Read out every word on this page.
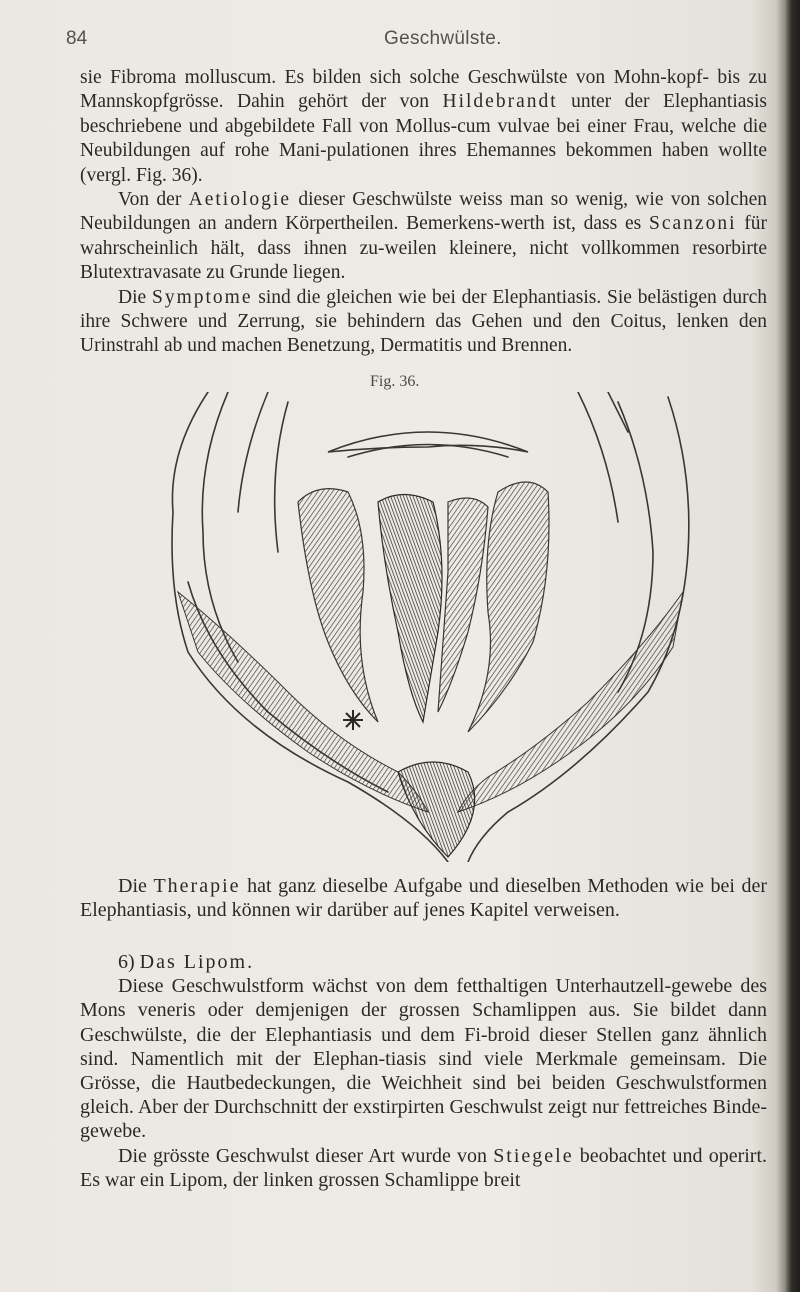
84	Geschwülste.

sie Fibroma molluscum. Es bilden sich solche Geschwülste von Mohn-kopf- bis zu Mannskopfgrösse. Dahin gehört der von Hildebrandt unter der Elephantiasis beschriebene und abgebildete Fall von Mollus-cum vulvae bei einer Frau, welche die Neubildungen auf rohe Mani-pulationen ihres Ehemannes bekommen haben wollte (vergl. Fig. 36).

Von der Aetiologie dieser Geschwülste weiss man so wenig, wie von solchen Neubildungen an andern Körpertheilen. Bemerkens-werth ist, dass es Scanzoni für wahrscheinlich hält, dass ihnen zu-weilen kleinere, nicht vollkommen resorbirte Blutextravasate zu Grunde liegen.

Die Symptome sind die gleichen wie bei der Elephantiasis. Sie belästigen durch ihre Schwere und Zerrung, sie behindern das Gehen und den Coitus, lenken den Urinstrahl ab und machen Benetzung, Dermatitis und Brennen.

Fig. 36.

Die Therapie hat ganz dieselbe Aufgabe und dieselben Methoden wie bei der Elephantiasis, und können wir darüber auf jenes Kapitel verweisen.

6) Das Lipom.

Diese Geschwulstform wächst von dem fetthaltigen Unterhautzell-gewebe des Mons veneris oder demjenigen der grossen Schamlippen aus. Sie bildet dann Geschwülste, die der Elephantiasis und dem Fi-broid dieser Stellen ganz ähnlich sind. Namentlich mit der Elephan-tiasis sind viele Merkmale gemeinsam. Die Grösse, die Hautbedeckungen, die Weichheit sind bei beiden Geschwulstformen gleich. Aber der Durchschnitt der exstirpirten Geschwulst zeigt nur fettreiches Binde-gewebe.

Die grösste Geschwulst dieser Art wurde von Stiegele beobachtet und operirt. Es war ein Lipom, der linken grossen Schamlippe breit
